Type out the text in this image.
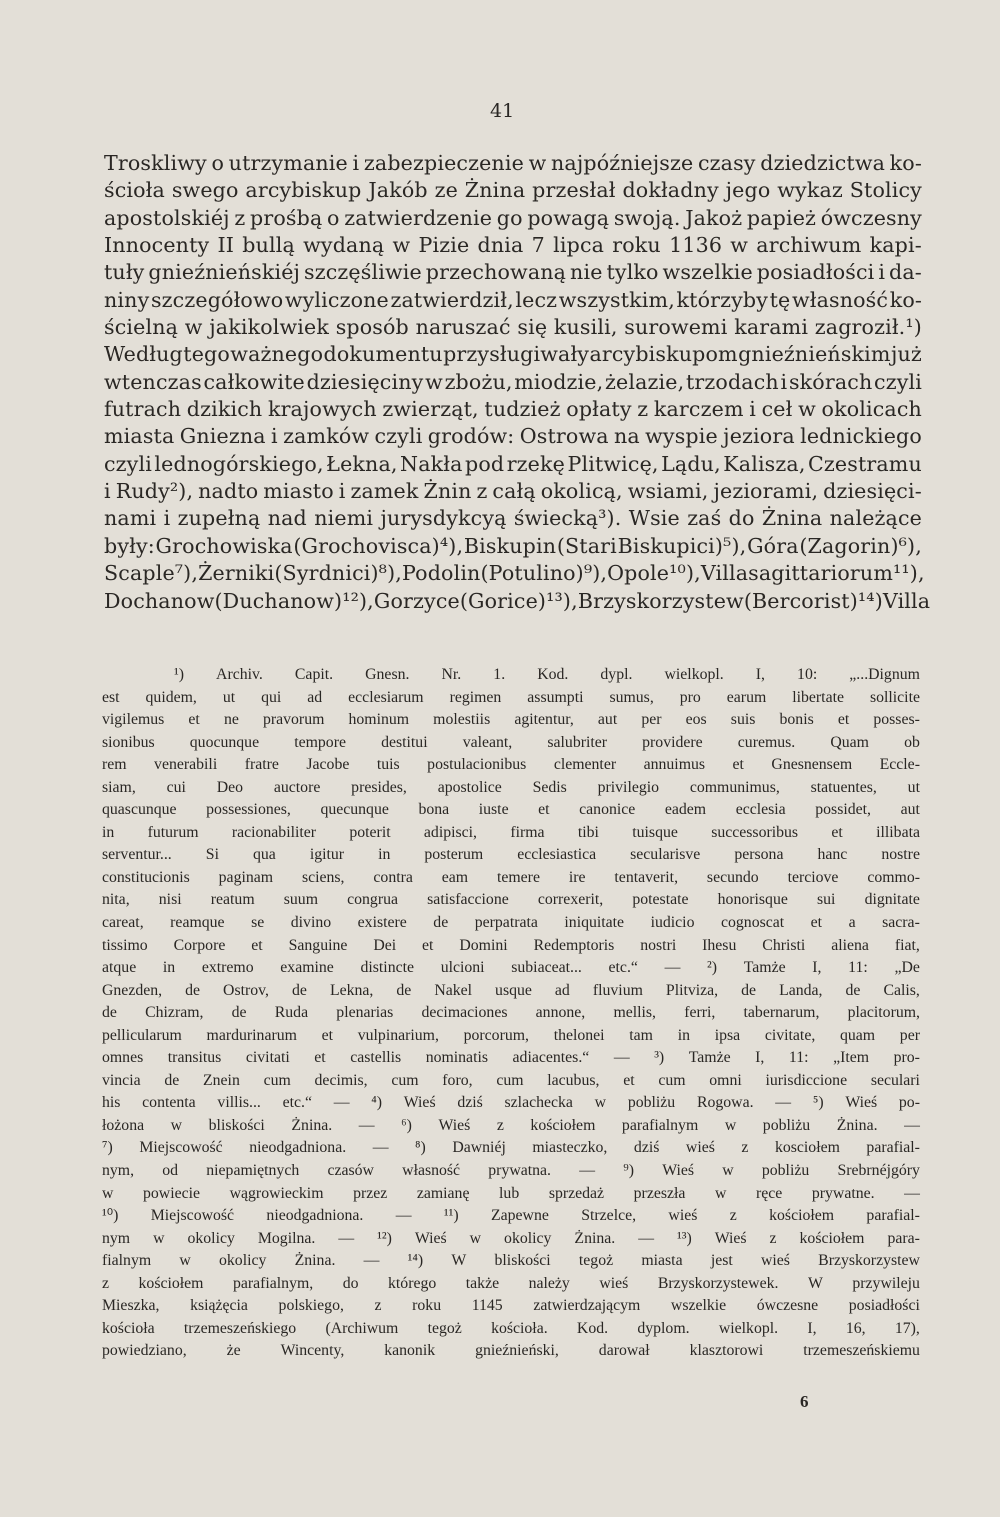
41
Troskliwy o utrzymanie i zabezpieczenie w najpóźniejsze czasy dziedzictwa ko-
ścioła swego arcybiskup Jakób ze Żnina przesłał dokładny jego wykaz Stolicy
apostolskiéj z prośbą o zatwierdzenie go powagą swoją. Jakoż papież ówczesny
Innocenty II bullą wydaną w Pizie dnia 7 lipca roku 1136 w archiwum kapi-
tuły gnieźnieńskiéj szczęśliwie przechowaną nie tylko wszelkie posiadłości i da-
niny szczegółowo wyliczone zatwierdził, lecz wszystkim, którzyby tę własność ko-
ścielną w jakikolwiek sposób naruszać się kusili, surowemi karami zagroził.¹)
Według tego ważnego dokumentu przysługiwały arcybiskupom gnieźnieńskim już
wtenczas całkowite dziesięciny w zbożu, miodzie, żelazie, trzodach i skórach czyli
futrach dzikich krajowych zwierząt, tudzież opłaty z karczem i ceł w okolicach
miasta Gniezna i zamków czyli grodów: Ostrowa na wyspie jeziora lednickiego
czyli lednogórskiego, Łekna, Nakła pod rzekę Plitwicę, Lądu, Kalisza, Czestramu
i Rudy²), nadto miasto i zamek Żnin z całą okolicą, wsiami, jeziorami, dziesięci-
nami i zupełną nad niemi jurysdykcyą świecką³). Wsie zaś do Żnina należące
były: Grochowiska (Grochovisca)⁴), Biskupin (Stari Biskupici)⁵), Góra (Zagorin)⁶),
Scaple⁷), Żerniki (Syrdnici)⁸), Podolin (Potulino)⁹), Opole¹⁰), Villa sagittariorum¹¹),
Dochanow (Duchanow)¹²), Gorzyce (Gorice)¹³), Brzyskorzystew (Bercorist)¹⁴) Villa
¹) Archiv. Capit. Gnesn. Nr. 1. Kod. dypl. wielkopl. I, 10: „...Dignum
est quidem, ut qui ad ecclesiarum regimen assumpti sumus, pro earum libertate sollicite
vigilemus et ne pravorum hominum molestiis agitentur, aut per eos suis bonis et posses-
sionibus quocunque tempore destitui valeant, salubriter providere curemus. Quam ob
rem venerabili fratre Jacobe tuis postulacionibus clementer annuimus et Gnesnensem Eccle-
siam, cui Deo auctore presides, apostolice Sedis privilegio communimus, statuentes, ut
quascunque possessiones, quecunque bona iuste et canonice eadem ecclesia possidet, aut
in futurum racionabiliter poterit adipisci, firma tibi tuisque successoribus et illibata
serventur... Si qua igitur in posterum ecclesiastica secularisve persona hanc nostre
constitucionis paginam sciens, contra eam temere ire tentaverit, secundo terciove commo-
nita, nisi reatum suum congrua satisfaccione correxerit, potestate honorisque sui dignitate
careat, reamque se divino existere de perpatrata iniquitate iudicio cognoscat et a sacra-
tissimo Corpore et Sanguine Dei et Domini Redemptoris nostri Ihesu Christi aliena fiat,
atque in extremo examine distincte ulcioni subiaceat... etc.“ — ²) Tamże I, 11: „De
Gnezden, de Ostrov, de Lekna, de Nakel usque ad fluvium Plitviza, de Landa, de Calis,
de Chizram, de Ruda plenarias decimaciones annone, mellis, ferri, tabernarum, placitorum,
pellicularum mardurinarum et vulpinarium, porcorum, thelonei tam in ipsa civitate, quam per
omnes transitus civitati et castellis nominatis adiacentes.“ — ³) Tamże I, 11: „Item pro-
vincia de Znein cum decimis, cum foro, cum lacubus, et cum omni iurisdiccione seculari
his contenta villis... etc.“ — ⁴) Wieś dziś szlachecka w pobliżu Rogowa. — ⁵) Wieś po-
łożona w bliskości Żnina. — ⁶) Wieś z kościołem parafialnym w pobliżu Żnina. —
⁷) Miejscowość nieodgadniona. — ⁸) Dawniéj miasteczko, dziś wieś z kosciołem parafial-
nym, od niepamiętnych czasów własność prywatna. — ⁹) Wieś w pobliżu Srebrnéjgóry
w powiecie wągrowieckim przez zamianę lub sprzedaż przeszła w ręce prywatne. —
¹⁰) Miejscowość nieodgadniona. — ¹¹) Zapewne Strzelce, wieś z kościołem parafial-
nym w okolicy Mogilna. — ¹²) Wieś w okolicy Żnina. — ¹³) Wieś z kościołem para-
fialnym w okolicy Żnina. — ¹⁴) W bliskości tegoż miasta jest wieś Brzyskorzystew
z kościołem parafialnym, do którego także należy wieś Brzyskorzystewek. W przywileju
Mieszka, książęcia polskiego, z roku 1145 zatwierdzającym wszelkie ówczesne posiadłości
kościoła trzemeszeńskiego (Archiwum tegoż kościoła. Kod. dyplom. wielkopl. I, 16, 17),
powiedziano,	że	Wincenty,	kanonik	gnieźnieński,	darował	klasztorowi	trzemeszeńskiemu
6
